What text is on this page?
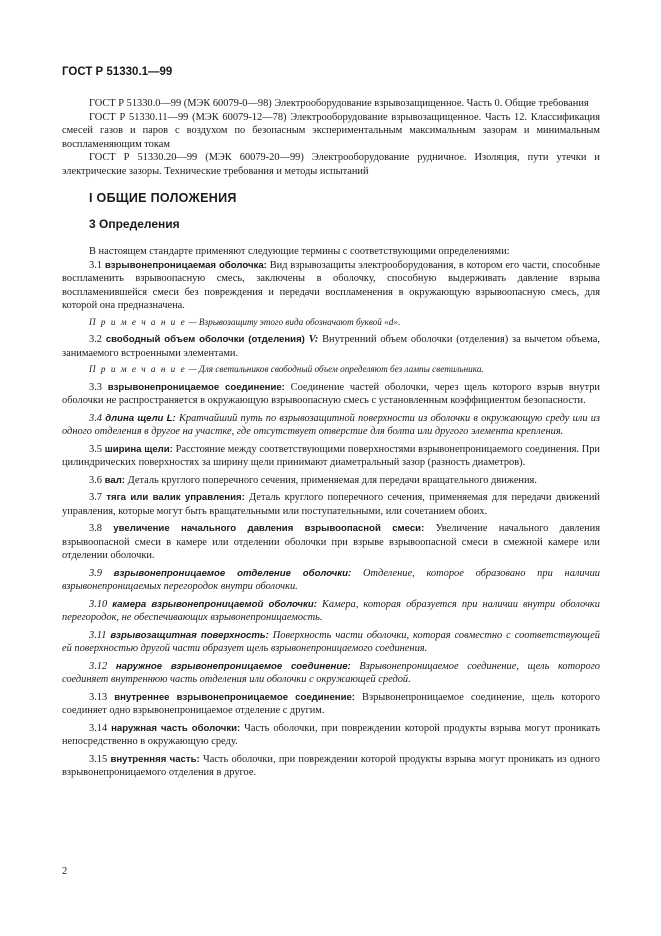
ГОСТ Р 51330.1—99

ГОСТ Р 51330.0—99 (МЭК 60079-0—98) Электрооборудование взрывозащищенное. Часть 0. Общие требования

ГОСТ Р 51330.11—99 (МЭК 60079-12—78) Электрооборудование взрывозащищенное. Часть 12. Классификация смесей газов и паров с воздухом по безопасным экспериментальным максимальным зазорам и минимальным воспламеняющим токам

ГОСТ Р 51330.20—99 (МЭК 60079-20—99) Электрооборудование рудничное. Изоляция, пути утечки и электрические зазоры. Технические требования и методы испытаний

I ОБЩИЕ ПОЛОЖЕНИЯ
3 Определения

В настоящем стандарте применяют следующие термины с соответствующими определениями:

3.1 взрывонепроницаемая оболочка: Вид взрывозащиты электрооборудования, в котором его части, способные воспламенить взрывоопасную смесь, заключены в оболочку, способную выдерживать давление взрыва воспламенившейся смеси без повреждения и передачи воспламенения в окружающую взрывоопасную смесь, для которой она предназначена.

П р и м е ч а н и е — Взрывозащиту этого вида обозначают буквой «d».

3.2 свободный объем оболочки (отделения) V: Внутренний объем оболочки (отделения) за вычетом объема, занимаемого встроенными элементами.

П р и м е ч а н и е — Для светильников свободный объем определяют без лампы светильника.

3.3 взрывонепроницаемое соединение: Соединение частей оболочки, через щель которого взрыв внутри оболочки не распространяется в окружающую взрывоопасную смесь с установленным коэффициентом безопасности.

3.4 длина щели L: Кратчайший путь по взрывозащитной поверхности из оболочки в окружающую среду или из одного отделения в другое на участке, где отсутствует отверстие для болта или другого элемента крепления.

3.5 ширина щели: Расстояние между соответствующими поверхностями взрывонепроницаемого соединения. При цилиндрических поверхностях за ширину щели принимают диаметральный зазор (разность диаметров).

3.6 вал: Деталь круглого поперечного сечения, применяемая для передачи вращательного движения.

3.7 тяга или валик управления: Деталь круглого поперечного сечения, применяемая для передачи движений управления, которые могут быть вращательными или поступательными, или сочетанием обоих.

3.8 увеличение начального давления взрывоопасной смеси: Увеличение начального давления взрывоопасной смеси в камере или отделении оболочки при взрыве взрывоопасной смеси в смежной камере или отделении оболочки.

3.9 взрывонепроницаемое отделение оболочки: Отделение, которое образовано при наличии взрывонепроницаемых перегородок внутри оболочки.

3.10 камера взрывонепроницаемой оболочки: Камера, которая образуется при наличии внутри оболочки перегородок, не обеспечивающих взрывонепроницаемость.

3.11 взрывозащитная поверхность: Поверхность части оболочки, которая совместно с соответствующей ей поверхностью другой части образует щель взрывонепроницаемого соединения.

3.12 наружное взрывонепроницаемое соединение: Взрывонепроницаемое соединение, щель которого соединяет внутреннюю часть отделения или оболочки с окружающей средой.

3.13 внутреннее взрывонепроницаемое соединение: Взрывонепроницаемое соединение, щель которого соединяет одно взрывонепроницаемое отделение с другим.

3.14 наружная часть оболочки: Часть оболочки, при повреждении которой продукты взрыва могут проникать непосредственно в окружающую среду.

3.15 внутренняя часть: Часть оболочки, при повреждении которой продукты взрыва могут проникать из одного взрывонепроницаемого отделения в другое.

2
